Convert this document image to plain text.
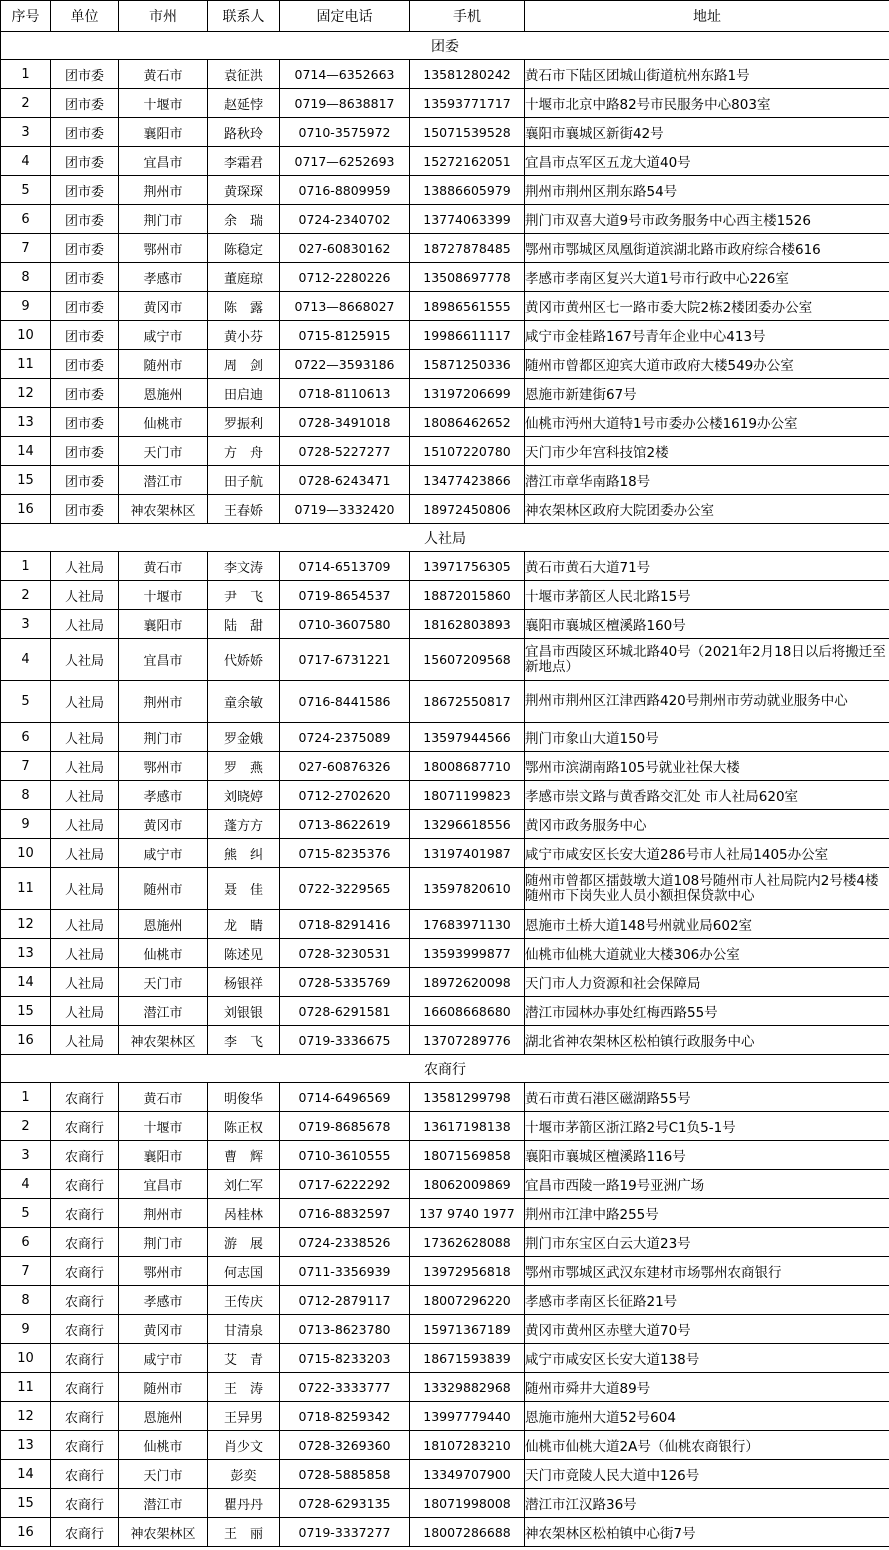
序号	单位	市州	联系人	固定电话	手机	地址
团委						
1	团市委	黄石市	袁征洪	0714—6352663	13581280242	黄石市下陆区团城山街道杭州东路1号
2	团市委	十堰市	赵延悖	0719—8638817	13593771717	十堰市北京中路82号市民服务中心803室
3	团市委	襄阳市	路秋玲	0710-3575972	15071539528	襄阳市襄城区新街42号
4	团市委	宜昌市	李霜君	0717—6252693	15272162051	宜昌市点军区五龙大道40号
5	团市委	荆州市	黄琛琛	0716-8809959	13886605979	荆州市荆州区荆东路54号
6	团市委	荆门市	余　瑞	0724-2340702	13774063399	荆门市双喜大道9号市政务服务中心西主楼1526
7	团市委	鄂州市	陈稳定	027-60830162	18727878485	鄂州市鄂城区凤凰街道滨湖北路市政府综合楼616
8	团市委	孝感市	董庭琼	0712-2280226	13508697778	孝感市孝南区复兴大道1号市行政中心226室
9	团市委	黄冈市	陈　露	0713—8668027	18986561555	黄冈市黄州区七一路市委大院2栋2楼团委办公室
10	团市委	咸宁市	黄小芬	0715-8125915	19986611117	咸宁市金桂路167号青年企业中心413号
11	团市委	随州市	周　剑	0722—3593186	15871250336	随州市曾都区迎宾大道市政府大楼549办公室
12	团市委	恩施州	田启迪	0718-8110613	13197206699	恩施市新建街67号
13	团市委	仙桃市	罗振利	0728-3491018	18086462652	仙桃市沔州大道特1号市委办公楼1619办公室
14	团市委	天门市	方　舟	0728-5227277	15107220780	天门市少年宫科技馆2楼
15	团市委	潜江市	田子航	0728-6243471	13477423866	潜江市章华南路18号
16	团市委	神农架林区	王春娇	0719—3332420	18972450806	神农架林区政府大院团委办公室
人社局						
1	人社局	黄石市	李文涛	0714-6513709	13971756305	黄石市黄石大道71号
2	人社局	十堰市	尹　飞	0719-8654537	18872015860	十堰市茅箭区人民北路15号
3	人社局	襄阳市	陆　甜	0710-3607580	18162803893	襄阳市襄城区檀溪路160号
4	人社局	宜昌市	代娇娇	0717-6731221	15607209568	宜昌市西陵区环城北路40号（2021年2月18日以后将搬迁至新地点）
5	人社局	荆州市	童余敏	0716-8441586	18672550817	荆州市荆州区江津西路420号荆州市劳动就业服务中心
6	人社局	荆门市	罗金娥	0724-2375089	13597944566	荆门市象山大道150号
7	人社局	鄂州市	罗　燕	027-60876326	18008687710	鄂州市滨湖南路105号就业社保大楼
8	人社局	孝感市	刘晓婷	0712-2702620	18071199823	孝感市崇文路与黄香路交汇处 市人社局620室
9	人社局	黄冈市	蓬方方	0713-8622619	13296618556	黄冈市政务服务中心
10	人社局	咸宁市	熊　纠	0715-8235376	13197401987	咸宁市咸安区长安大道286号市人社局1405办公室
11	人社局	随州市	聂　佳	0722-3229565	13597820610	随州市曾都区擂鼓墩大道108号随州市人社局院内2号楼4楼随州市下岗失业人员小额担保贷款中心
12	人社局	恩施州	龙　睛	0718-8291416	17683971130	恩施市土桥大道148号州就业局602室
13	人社局	仙桃市	陈述见	0728-3230531	13593999877	仙桃市仙桃大道就业大楼306办公室
14	人社局	天门市	杨银祥	0728-5335769	18972620098	天门市人力资源和社会保障局
15	人社局	潜江市	刘银银	0728-6291581	16608668680	潜江市园林办事处红梅西路55号
16	人社局	神农架林区	李　飞	0719-3336675	13707289776	湖北省神农架林区松柏镇行政服务中心
农商行						
1	农商行	黄石市	明俊华	0714-6496569	13581299798	黄石市黄石港区磁湖路55号
2	农商行	十堰市	陈正权	0719-8685678	13617198138	十堰市茅箭区浙江路2号C1负5-1号
3	农商行	襄阳市	曹　辉	0710-3610555	18071569858	襄阳市襄城区檀溪路116号
4	农商行	宜昌市	刘仁军	0717-6222292	18062009869	宜昌市西陵一路19号亚洲广场
5	农商行	荆州市	呙桂林	0716-8832597	137 9740 1977	荆州市江津中路255号
6	农商行	荆门市	游　展	0724-2338526	17362628088	荆门市东宝区白云大道23号
7	农商行	鄂州市	何志国	0711-3356939	13972956818	鄂州市鄂城区武汉东建材市场鄂州农商银行
8	农商行	孝感市	王传庆	0712-2879117	18007296220	孝感市孝南区长征路21号
9	农商行	黄冈市	甘清泉	0713-8623780	15971367189	黄冈市黄州区赤壁大道70号
10	农商行	咸宁市	艾　青	0715-8233203	18671593839	咸宁市咸安区长安大道138号
11	农商行	随州市	王　涛	0722-3333777	13329882968	随州市舜井大道89号
12	农商行	恩施州	王异男	0718-8259342	13997779440	恩施市施州大道52号604
13	农商行	仙桃市	肖少文	0728-3269360	18107283210	仙桃市仙桃大道2A号（仙桃农商银行）
14	农商行	天门市	彭奕	0728-5885858	13349707900	天门市竟陵人民大道中126号
15	农商行	潜江市	瞿丹丹	0728-6293135	18071998008	潜江市江汉路36号
16	农商行	神农架林区	王　丽	0719-3337277	18007286688	神农架林区松柏镇中心街7号
